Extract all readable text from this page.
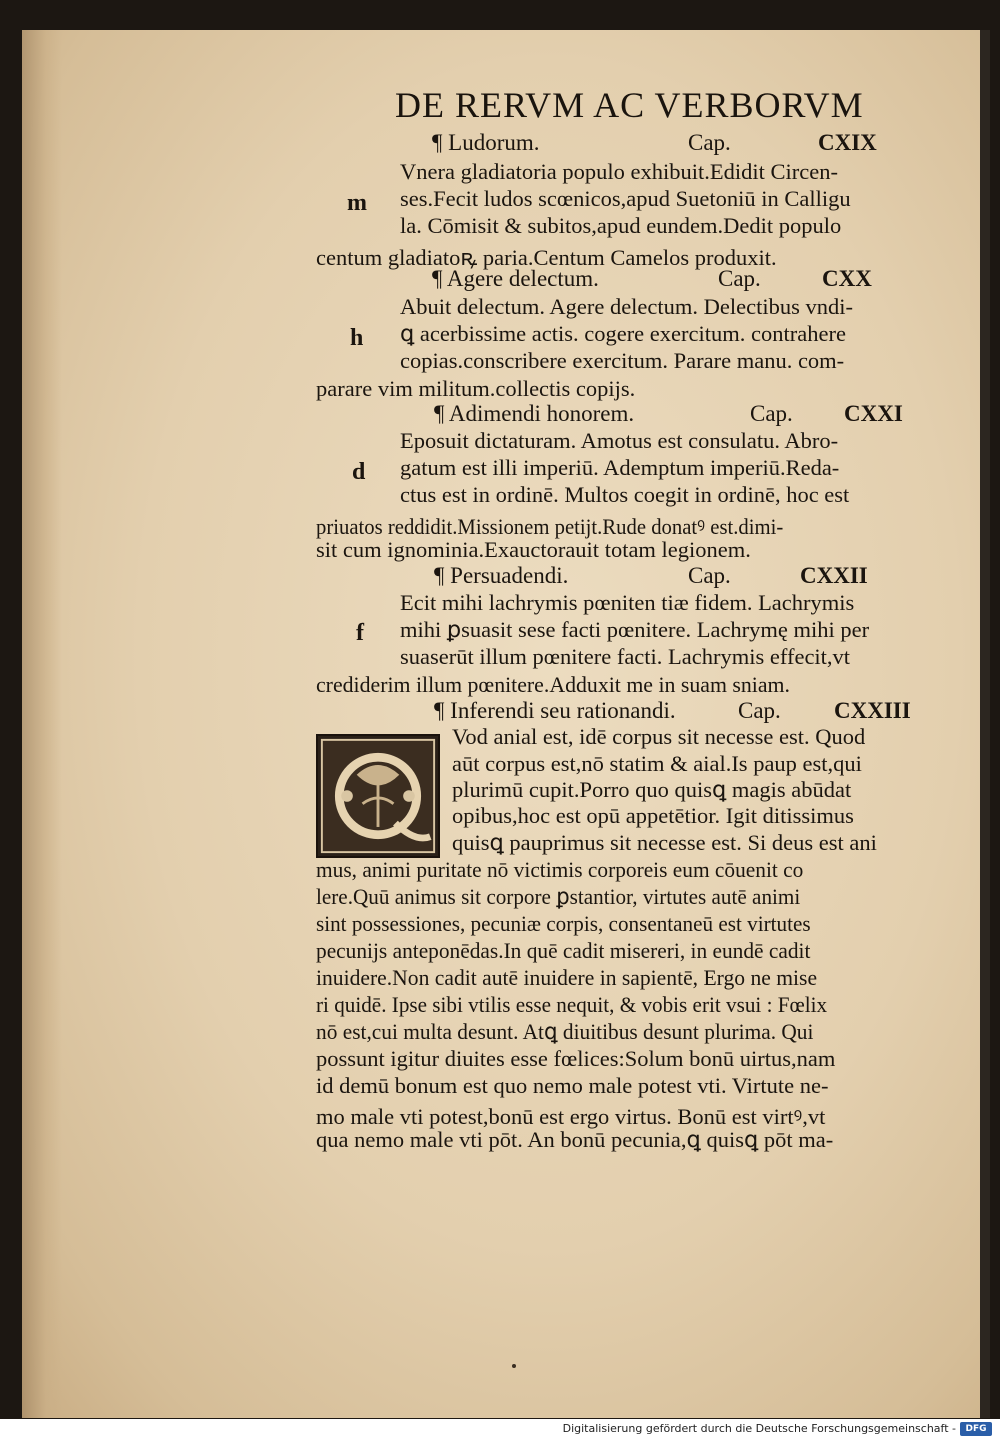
DE RERVM AC VERBORVM
¶ Ludorum.	Cap.	CXIX
m
Vnera gladiatoria populo exhibuit.Edidit Circen-
ses.Fecit ludos scœnicos,apud Suetoniū in Calligu
la. Cōmisit & subitos,apud eundem.Dedit populo
centum gladiatoꝶ paria.Centum Camelos produxit.
¶ Agere delectum.	Cap.	CXX
h
Abuit delectum. Agere delectum. Delectibus vndi-
ꝗ acerbissime actis. cogere exercitum. contrahere
copias.conscribere exercitum. Parare manu. com-
parare vim militum.collectis copijs.
¶ Adimendi honorem.	Cap. CXXI
d
Eposuit dictaturam. Amotus est consulatu. Abro-
gatum est illi imperiū. Ademptum imperiū.Reda-
ctus est in ordinē. Multos coegit in ordinē, hoc est
priuatos reddidit.Missionem petijt.Rude donatꝰ est.dimi-
sit cum ignominia.Exauctorauit totam legionem.
¶ Persuadendi.	Cap.	CXXII
f
Ecit mihi lachrymis pœniten tiæ fidem. Lachrymis
mihi ꝑsuasit sese facti pœnitere. Lachrymę mihi per
suaserūt illum pœnitere facti. Lachrymis effecit,vt
crediderim illum pœnitere.Adduxit me in suam sniam.
¶ Inferendi seu rationandi.	Cap. CXXIII
Vod anial est, idē corpus sit necesse est. Quod
aūt corpus est,nō statim & aial.Is paup est,qui
plurimū cupit.Porro quo quisꝗ magis abūdat
opibus,hoc est opū appetētior. Igit ditissimus
quisꝗ pauprimus sit necesse est. Si deus est ani
mus, animi puritate nō victimis corporeis eum cōuenit co
lere.Quū animus sit corpore ꝑstantior, virtutes autē animi
sint possessiones, pecuniæ corpis, consentaneū est virtutes
pecunijs anteponēdas.In quē cadit misereri, in eundē cadit
inuidere.Non cadit autē inuidere in sapientē, Ergo ne mise
ri quidē. Ipse sibi vtilis esse nequit, & vobis erit vsui : Fœlix
nō est,cui multa desunt. Atꝗ diuitibus desunt plurima. Qui
possunt igitur diuites esse fœlices:Solum bonū uirtus,nam
id demū bonum est quo nemo male potest vti. Virtute ne-
mo male vti potest,bonū est ergo virtus. Bonū est virtꝰ,vt
qua nemo male vti pōt. An bonū pecunia,ꝗ quisꝗ pōt ma-
Digitalisierung gefördert durch die Deutsche Forschungsgemeinschaft -	DFG
